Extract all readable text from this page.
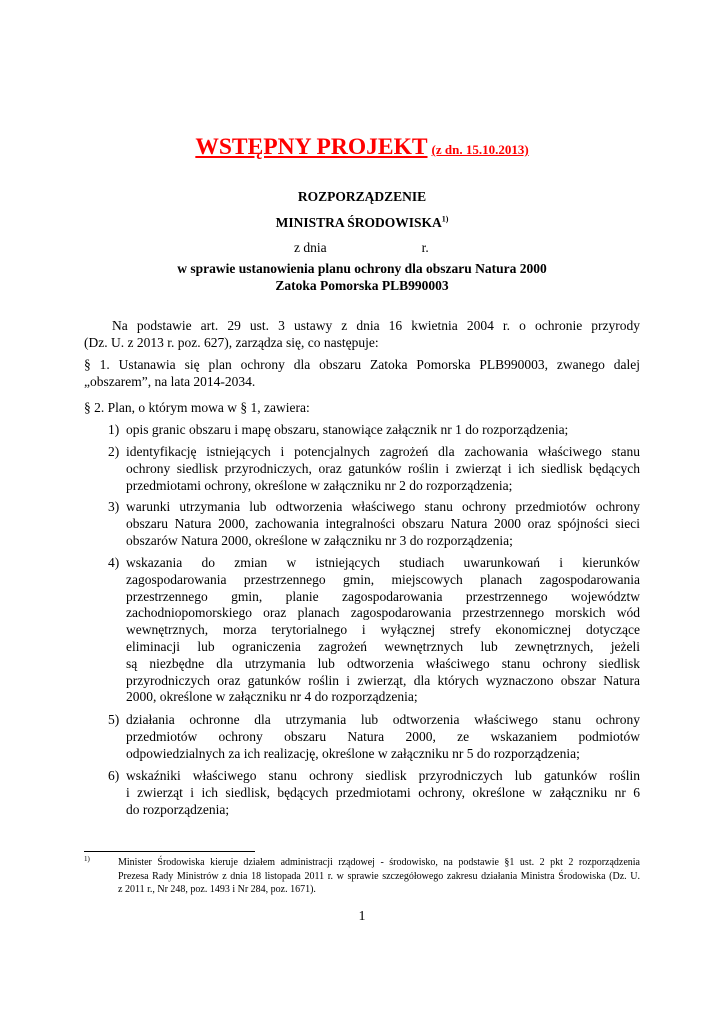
WSTĘPNY PROJEKT (z dn. 15.10.2013)
ROZPORZĄDZENIE
MINISTRA ŚRODOWISKA$^{1)}$
z dnia	r.
w sprawie ustanowienia planu ochrony dla obszaru Natura 2000
Zatoka Pomorska PLB990003
Na podstawie art. 29 ust. 3 ustawy z dnia 16 kwietnia 2004 r. o ochronie przyrody
(Dz. U. z 2013 r. poz. 627), zarządza się, co następuje:
§ 1. Ustanawia się plan ochrony dla obszaru Zatoka Pomorska PLB990003, zwanego dalej
„obszarem”, na lata 2014-2034.
§ 2. Plan, o którym mowa w § 1, zawiera:
1) opis granic obszaru i mapę obszaru, stanowiące załącznik nr 1 do rozporządzenia;
2) identyfikację istniejących i potencjalnych zagrożeń dla zachowania właściwego stanu
ochrony siedlisk przyrodniczych, oraz gatunków roślin i zwierząt i ich siedlisk będących
przedmiotami ochrony, określone w załączniku nr 2 do rozporządzenia;
3) warunki utrzymania lub odtworzenia właściwego stanu ochrony przedmiotów ochrony
obszaru Natura 2000, zachowania integralności obszaru Natura 2000 oraz spójności sieci
obszarów Natura 2000, określone w załączniku nr 3 do rozporządzenia;
4) wskazania do zmian w istniejących studiach uwarunkowań i kierunków
zagospodarowania przestrzennego gmin, miejscowych planach zagospodarowania
przestrzennego gmin, planie zagospodarowania przestrzennego województw
zachodniopomorskiego oraz planach zagospodarowania przestrzennego morskich wód
wewnętrznych, morza terytorialnego i wyłącznej strefy ekonomicznej dotyczące
eliminacji lub ograniczenia zagrożeń wewnętrznych lub zewnętrznych, jeżeli
są niezbędne dla utrzymania lub odtworzenia właściwego stanu ochrony siedlisk
przyrodniczych oraz gatunków roślin i zwierząt, dla których wyznaczono obszar Natura
2000, określone w załączniku nr 4 do rozporządzenia;
5) działania ochronne dla utrzymania lub odtworzenia właściwego stanu ochrony
przedmiotów ochrony obszaru Natura 2000, ze wskazaniem podmiotów
odpowiedzialnych za ich realizację, określone w załączniku nr 5 do rozporządzenia;
6) wskaźniki właściwego stanu ochrony siedlisk przyrodniczych lub gatunków roślin
i zwierząt i ich siedlisk, będących przedmiotami ochrony, określone w załączniku nr 6
do rozporządzenia;
1)	Minister Środowiska kieruje działem administracji rządowej - środowisko, na podstawie §1 ust. 2 pkt 2 rozporządzenia
Prezesa Rady Ministrów z dnia 18 listopada 2011 r. w sprawie szczegółowego zakresu działania Ministra Środowiska (Dz. U.
z 2011 r., Nr 248, poz. 1493 i Nr 284, poz. 1671).
1
